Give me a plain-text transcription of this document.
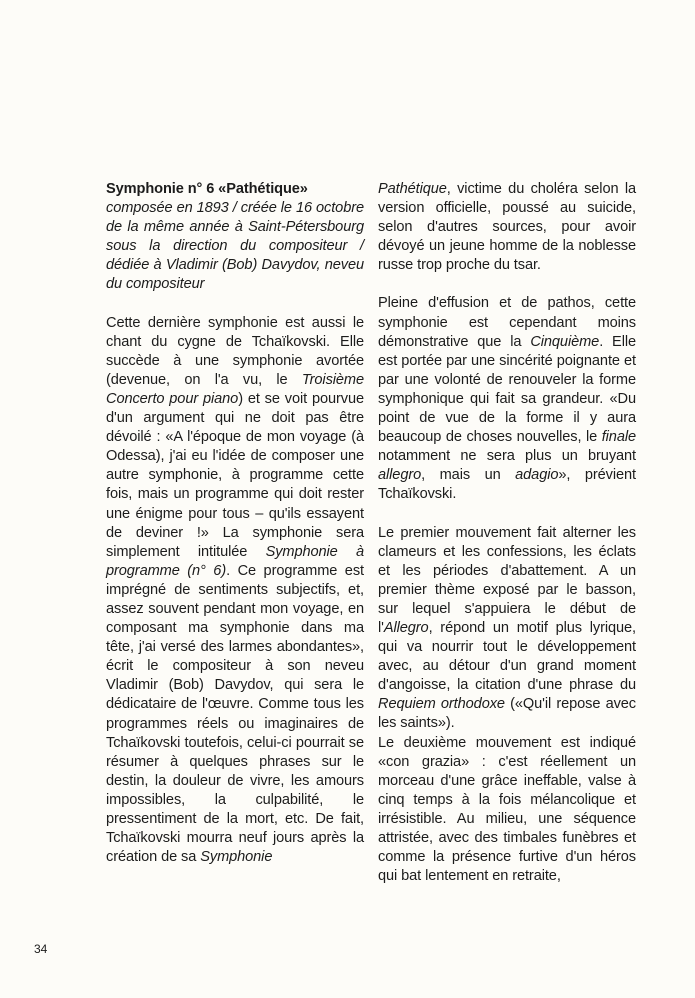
Symphonie n° 6 «Pathétique»

composée en 1893 / créée le 16 octobre de la même année à Saint-Pétersbourg sous la direction du compositeur / dédiée à Vladimir (Bob) Davydov, neveu du compositeur

Cette dernière symphonie est aussi le chant du cygne de Tchaïkovski. Elle succède à une symphonie avortée (devenue, on l'a vu, le Troisième Concerto pour piano) et se voit pourvue d'un argument qui ne doit pas être dévoilé : «A l'époque de mon voyage (à Odessa), j'ai eu l'idée de composer une autre symphonie, à programme cette fois, mais un programme qui doit rester une énigme pour tous – qu'ils essayent de deviner !» La symphonie sera simplement intitulée Symphonie à programme (n° 6). Ce programme est imprégné de sentiments subjectifs, et, assez souvent pendant mon voyage, en composant ma symphonie dans ma tête, j'ai versé des larmes abondantes», écrit le compositeur à son neveu Vladimir (Bob) Davydov, qui sera le dédicataire de l'œuvre. Comme tous les programmes réels ou imaginaires de Tchaïkovski toutefois, celui-ci pourrait se résumer à quelques phrases sur le destin, la douleur de vivre, les amours impossibles, la culpabilité, le pressentiment de la mort, etc. De fait, Tchaïkovski mourra neuf jours après la création de sa Symphonie

Pathétique, victime du choléra selon la version officielle, poussé au suicide, selon d'autres sources, pour avoir dévoyé un jeune homme de la noblesse russe trop proche du tsar.

Pleine d'effusion et de pathos, cette symphonie est cependant moins démonstrative que la Cinquième. Elle est portée par une sincérité poignante et par une volonté de renouveler la forme symphonique qui fait sa grandeur. «Du point de vue de la forme il y aura beaucoup de choses nouvelles, le finale notamment ne sera plus un bruyant allegro, mais un adagio», prévient Tchaïkovski.

Le premier mouvement fait alterner les clameurs et les confessions, les éclats et les périodes d'abattement. A un premier thème exposé par le basson, sur lequel s'appuiera le début de l'Allegro, répond un motif plus lyrique, qui va nourrir tout le développement avec, au détour d'un grand moment d'angoisse, la citation d'une phrase du Requiem orthodoxe («Qu'il repose avec les saints»).

Le deuxième mouvement est indiqué «con grazia» : c'est réellement un morceau d'une grâce ineffable, valse à cinq temps à la fois mélancolique et irrésistible. Au milieu, une séquence attristée, avec des timbales funèbres et comme la présence furtive d'un héros qui bat lentement en retraite,

34
